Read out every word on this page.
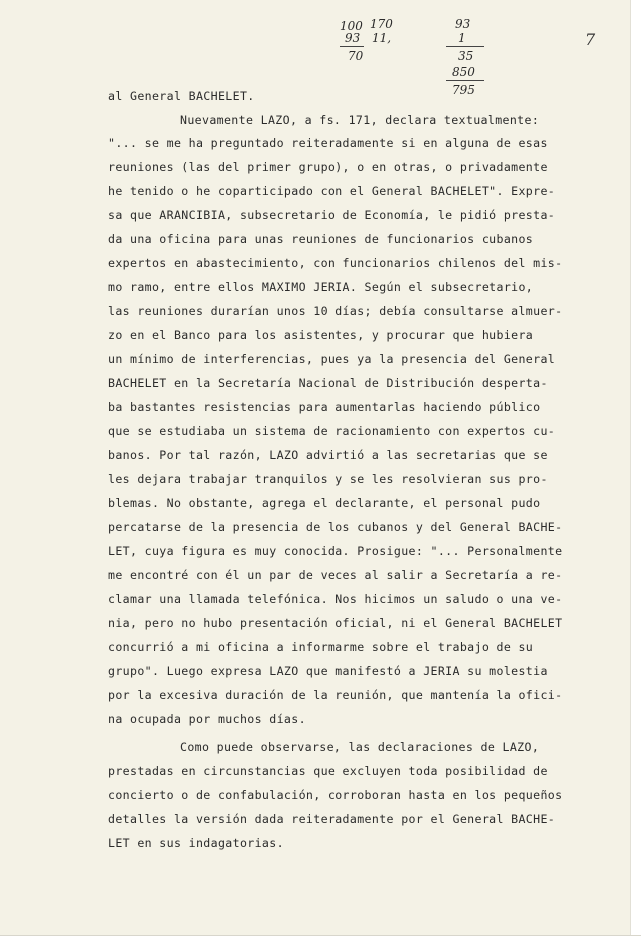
7
100
93
70
170
11,
93
1
35
850
795
al General BACHELET.
Nuevamente LAZO, a fs. 171, declara textualmente:
"... se me ha preguntado reiteradamente si en alguna de esas
reuniones (las del primer grupo), o en otras, o privadamente
he tenido o he coparticipado con el General BACHELET". Expre-
sa que ARANCIBIA, subsecretario de Economía, le pidió presta-
da una oficina para unas reuniones de funcionarios cubanos
expertos en abastecimiento, con funcionarios chilenos del mis-
mo ramo, entre ellos MAXIMO JERIA. Según el subsecretario,
las reuniones durarían unos 10 días; debía consultarse almuer-
zo en el Banco para los asistentes, y procurar que hubiera
un mínimo de interferencias, pues ya la presencia del General
BACHELET en la Secretaría Nacional de Distribución desperta-
ba bastantes resistencias para aumentarlas haciendo público
que se estudiaba un sistema de racionamiento con expertos cu-
banos. Por tal razón, LAZO advirtió a las secretarias que se
les dejara trabajar tranquilos y se les resolvieran sus pro-
blemas. No obstante, agrega el declarante, el personal pudo
percatarse de la presencia de los cubanos y del General BACHE-
LET, cuya figura es muy conocida. Prosigue: "... Personalmente
me encontré con él un par de veces al salir a Secretaría a re-
clamar una llamada telefónica. Nos hicimos un saludo o una ve-
nia, pero no hubo presentación oficial, ni el General BACHELET
concurrió a mi oficina a informarme sobre el trabajo de su
grupo". Luego expresa LAZO que manifestó a JERIA su molestia
por la excesiva duración de la reunión, que mantenía la ofici-
na ocupada por muchos días.
Como puede observarse, las declaraciones de LAZO,
prestadas en circunstancias que excluyen toda posibilidad de
concierto o de confabulación, corroboran hasta en los pequeños
detalles la versión dada reiteradamente por el General BACHE-
LET en sus indagatorias.
